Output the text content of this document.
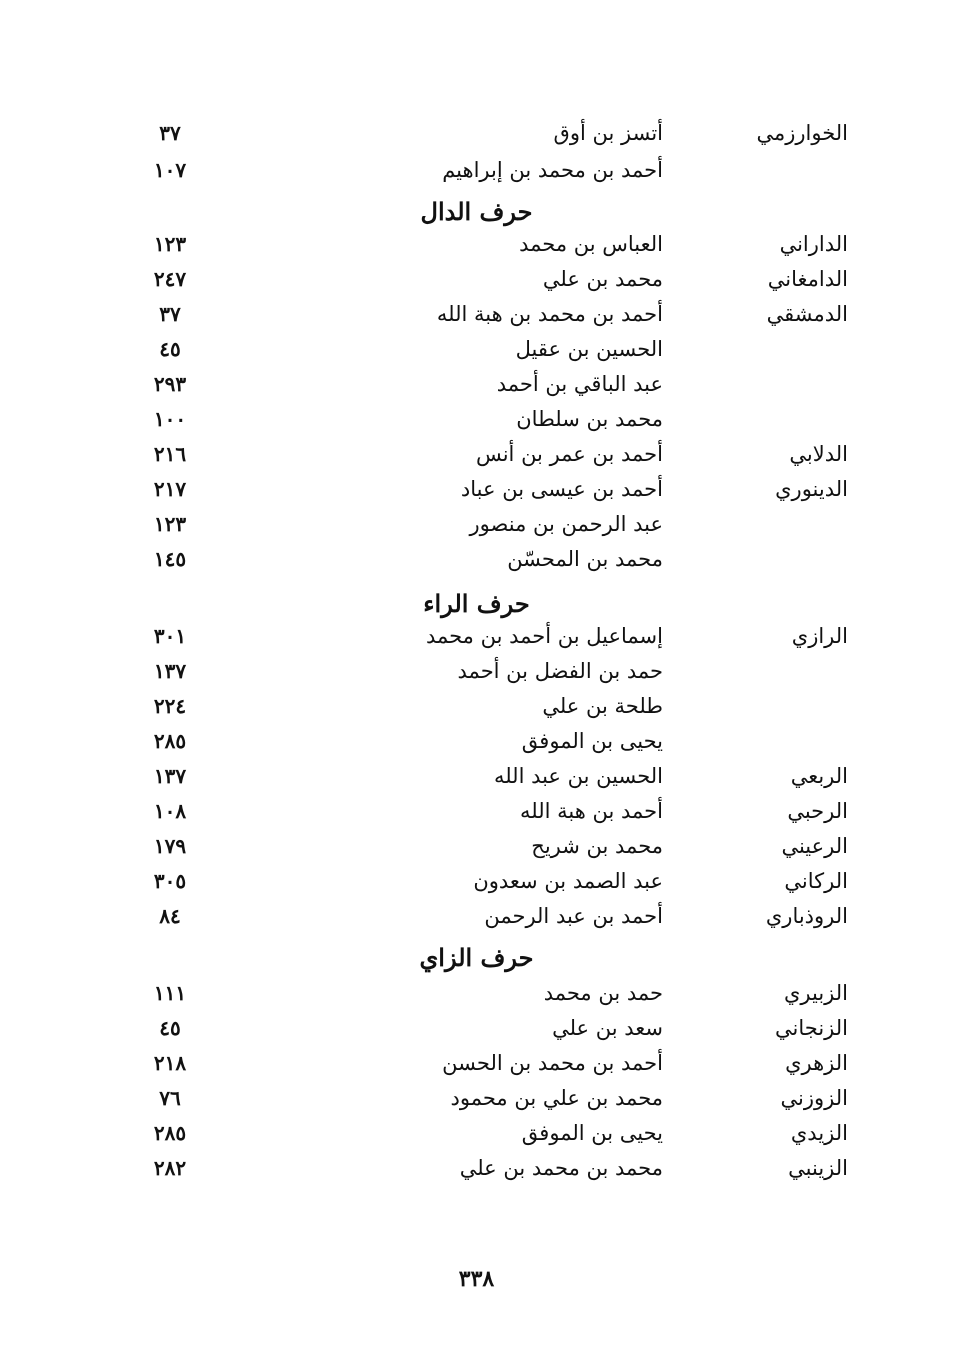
الخوارزمي
أتسز بن أوق
٣٧
أحمد بن محمد بن إبراهيم
١٠٧
حرف الدال
الداراني
العباس بن محمد
١٢٣
الدامغاني
محمد بن علي
٢٤٧
الدمشقي
أحمد بن محمد بن هبة الله
٣٧
الحسين بن عقيل
٤٥
عبد الباقي بن أحمد
٢٩٣
محمد بن سلطان
١٠٠
الدلابي
أحمد بن عمر بن أنس
٢١٦
الدينوري
أحمد بن عيسى بن عباد
٢١٧
عبد الرحمن بن منصور
١٢٣
محمد بن المحسّن
١٤٥
حرف الراء
الرازي
إسماعيل بن أحمد بن محمد
٣٠١
حمد بن الفضل بن أحمد
١٣٧
طلحة بن علي
٢٢٤
يحيى بن الموفق
٢٨٥
الربعي
الحسين بن عبد الله
١٣٧
الرحبي
أحمد بن هبة الله
١٠٨
الرعيني
محمد بن شريح
١٧٩
الركاني
عبد الصمد بن سعدون
٣٠٥
الروذباري
أحمد بن عبد الرحمن
٨٤
حرف الزاي
الزبيري
حمد بن محمد
١١١
الزنجاني
سعد بن علي
٤٥
الزهري
أحمد بن محمد بن الحسن
٢١٨
الزوزني
محمد بن علي بن محمود
٧٦
الزيدي
يحيى بن الموفق
٢٨٥
الزينبي
محمد بن محمد بن علي
٢٨٢
٣٣٨
